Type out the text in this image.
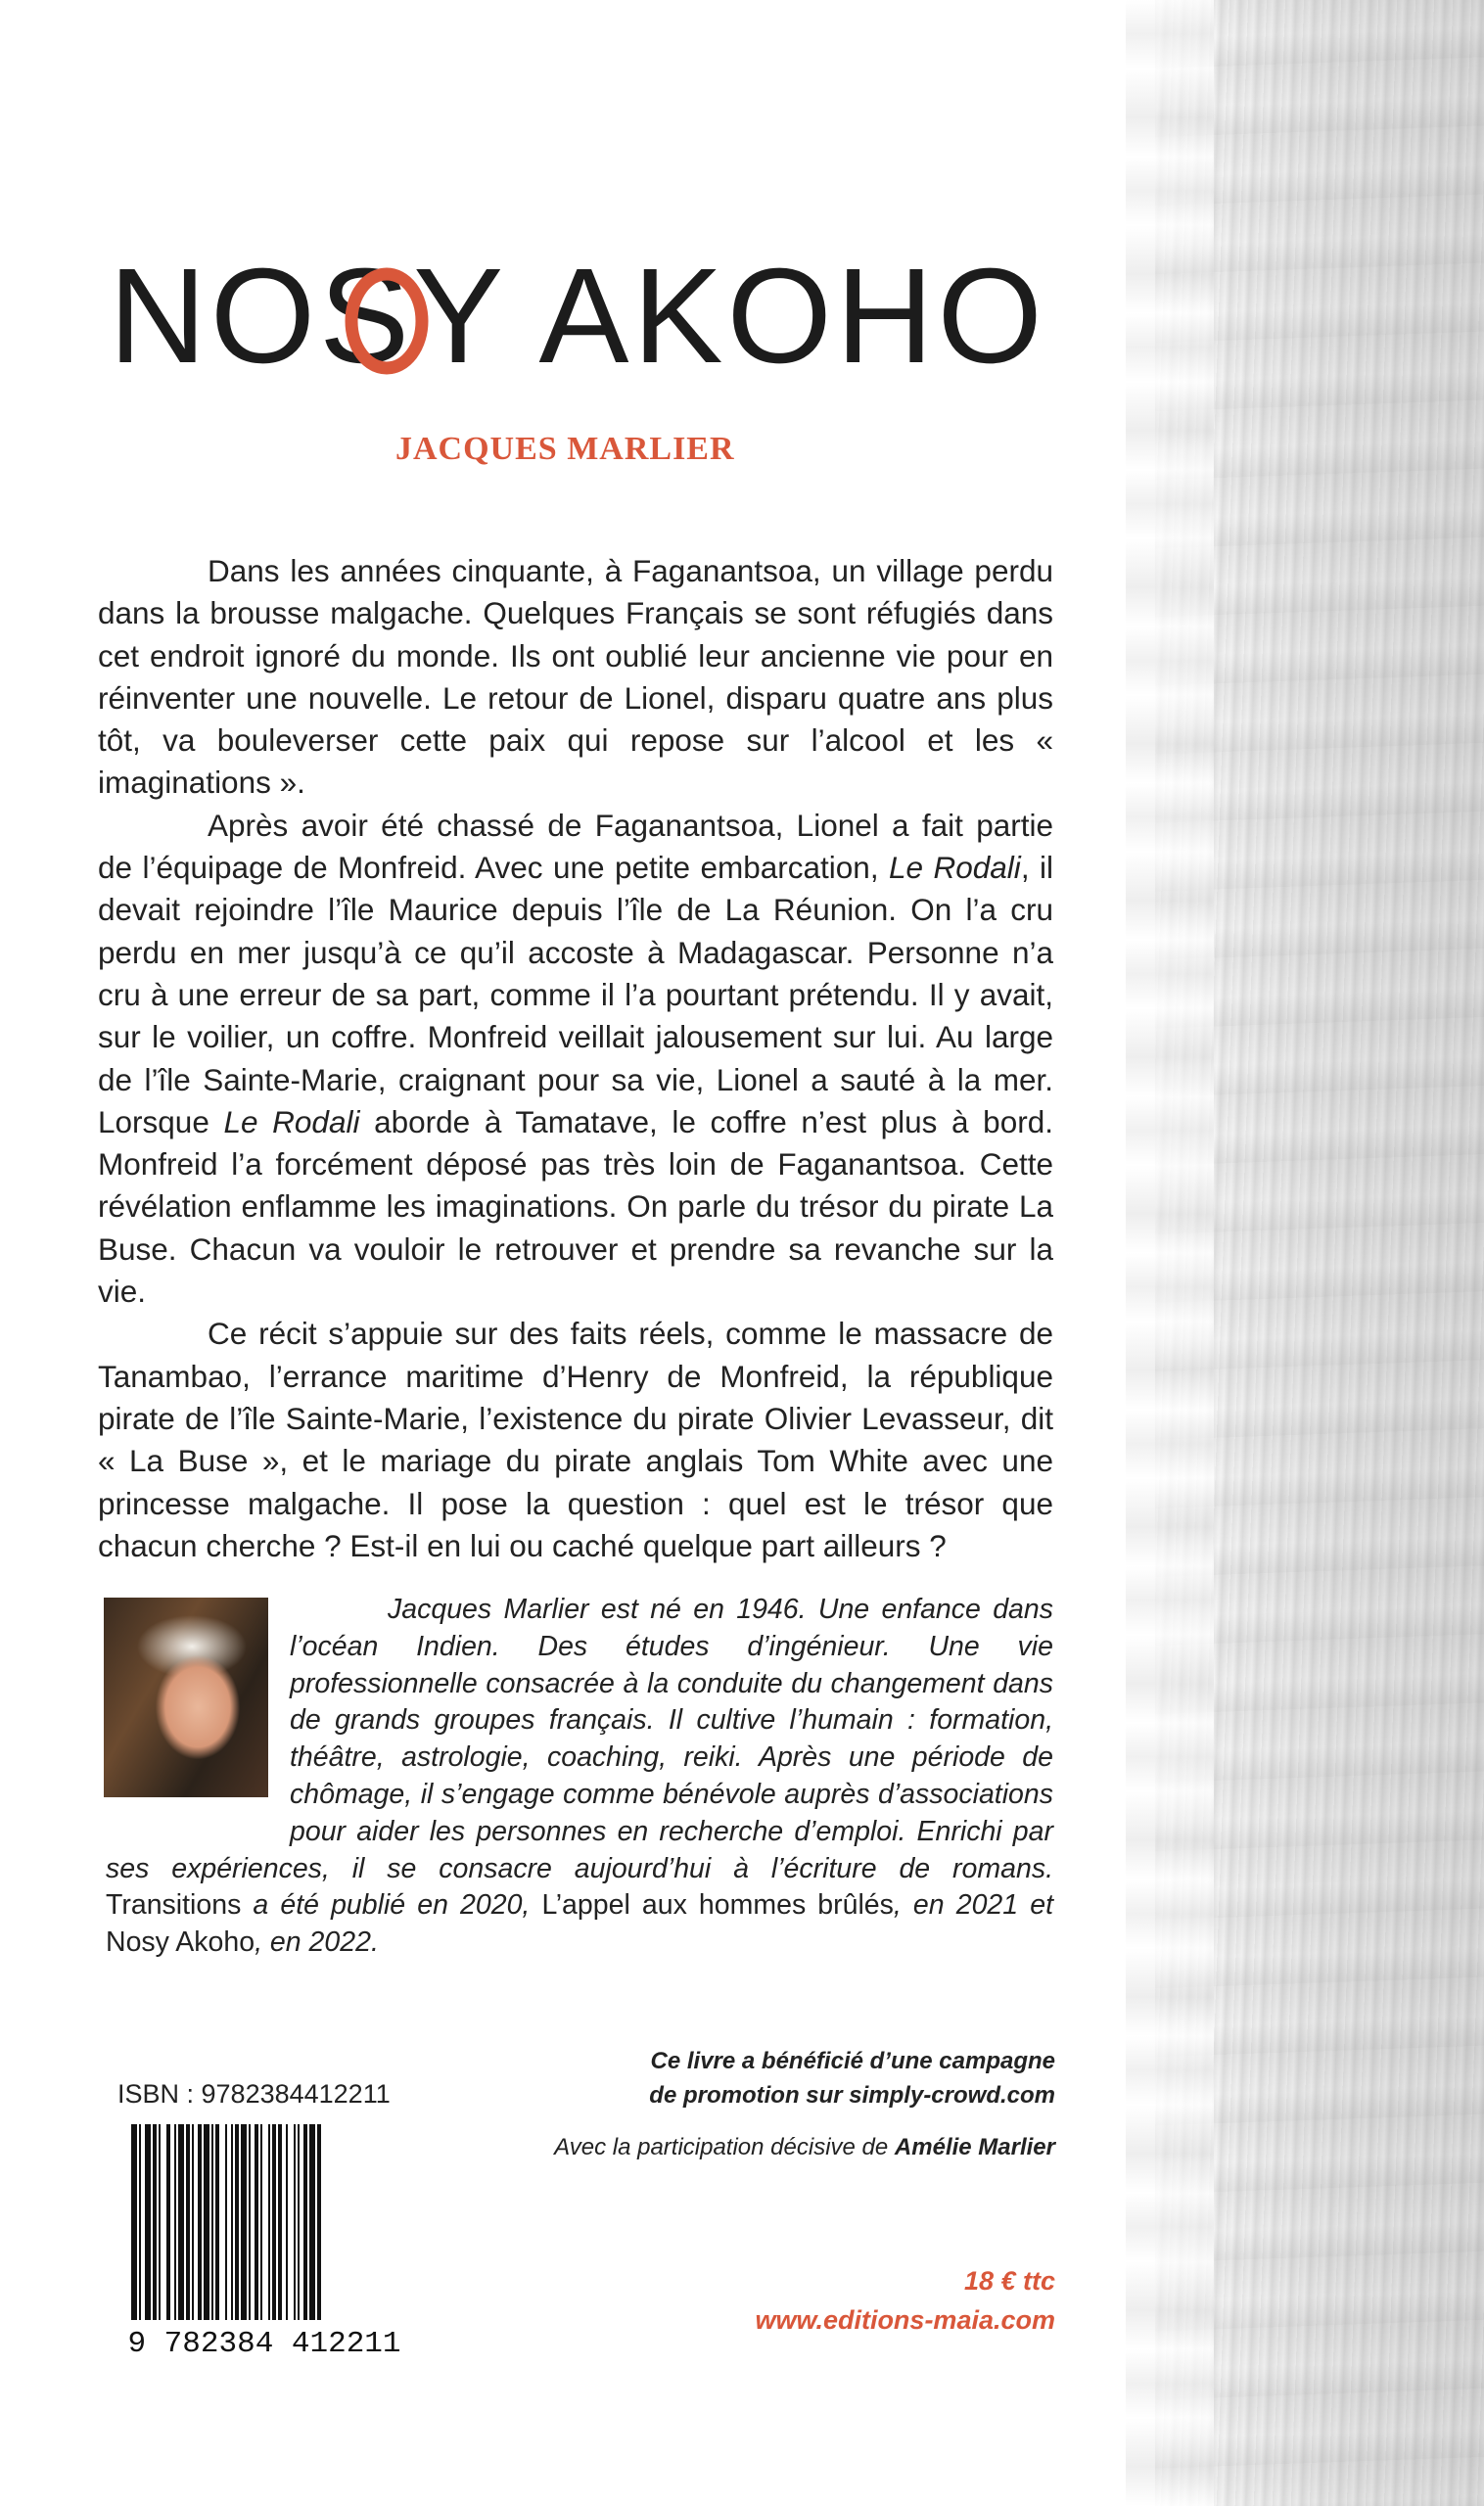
NOSY AKOHO
JACQUES MARLIER

Dans les années cinquante, à Faganantsoa, un village perdu dans la brousse malgache. Quelques Français se sont réfugiés dans cet endroit ignoré du monde. Ils ont oublié leur ancienne vie pour en réinventer une nouvelle. Le retour de Lionel, disparu quatre ans plus tôt, va bouleverser cette paix qui repose sur l’alcool et les « imaginations ».

Après avoir été chassé de Faganantsoa, Lionel a fait partie de l’équipage de Monfreid. Avec une petite embarcation, Le Rodali, il devait rejoindre l’île Maurice depuis l’île de La Réunion. On l’a cru perdu en mer jusqu’à ce qu’il accoste à Madagascar. Personne n’a cru à une erreur de sa part, comme il l’a pourtant prétendu. Il y avait, sur le voilier, un coffre. Monfreid veillait jalousement sur lui. Au large de l’île Sainte-Marie, craignant pour sa vie, Lionel a sauté à la mer. Lorsque Le Rodali aborde à Tamatave, le coffre n’est plus à bord. Monfreid l’a forcément déposé pas très loin de Faganantsoa. Cette révélation enflamme les imaginations. On parle du trésor du pirate La Buse. Chacun va vouloir le retrouver et prendre sa revanche sur la vie.

Ce récit s’appuie sur des faits réels, comme le massacre de Tanambao, l’errance maritime d’Henry de Monfreid, la république pirate de l’île Sainte-Marie, l’existence du pirate Olivier Levasseur, dit « La Buse », et le mariage du pirate anglais Tom White avec une princesse malgache. Il pose la question : quel est le trésor que chacun cherche ? Est-il en lui ou caché quelque part ailleurs ?

Jacques Marlier est né en 1946. Une enfance dans l’océan Indien. Des études d’ingénieur. Une vie professionnelle consacrée à la conduite du changement dans de grands groupes français. Il cultive l’humain : formation, théâtre, astrologie, coaching, reiki. Après une période de chômage, il s’engage comme bénévole auprès d’associations pour aider les personnes en recherche d’emploi. Enrichi par ses expériences, il se consacre aujourd’hui à l’écriture de romans. Transitions a été publié en 2020, L’appel aux hommes brûlés, en 2021 et Nosy Akoho, en 2022.
Ce livre a bénéficié d’une campagne
de promotion sur simply-crowd.com
Avec la participation décisive de Amélie Marlier
ISBN : 9782384412211
9 782384 412211
18 € ttc
www.editions-maia.com
